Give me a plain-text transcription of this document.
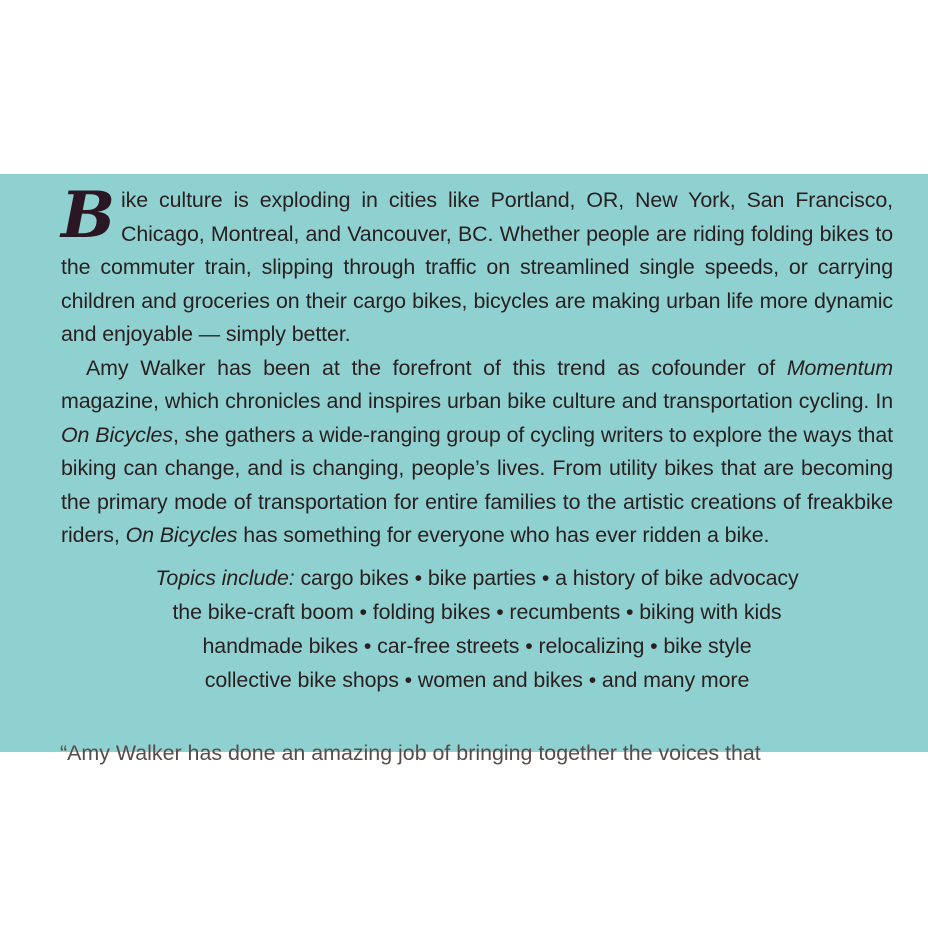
Bike culture is exploding in cities like Portland, OR, New York, San Francisco, Chicago, Montreal, and Vancouver, BC. Whether people are riding folding bikes to the commuter train, slipping through traffic on streamlined single speeds, or carrying children and groceries on their cargo bikes, bicycles are making urban life more dynamic and enjoyable — simply better.

Amy Walker has been at the forefront of this trend as cofounder of Momentum magazine, which chronicles and inspires urban bike culture and transportation cycling. In On Bicycles, she gathers a wide-ranging group of cycling writers to explore the ways that biking can change, and is changing, people’s lives. From utility bikes that are becoming the primary mode of transportation for entire families to the artistic creations of freakbike riders, On Bicycles has something for everyone who has ever ridden a bike.

Topics include: cargo bikes • bike parties • a history of bike advocacy
the bike-craft boom • folding bikes • recumbents • biking with kids
handmade bikes • car-free streets • relocalizing • bike style
collective bike shops • women and bikes • and many more
“Amy Walker has done an amazing job of bringing together the voices that
